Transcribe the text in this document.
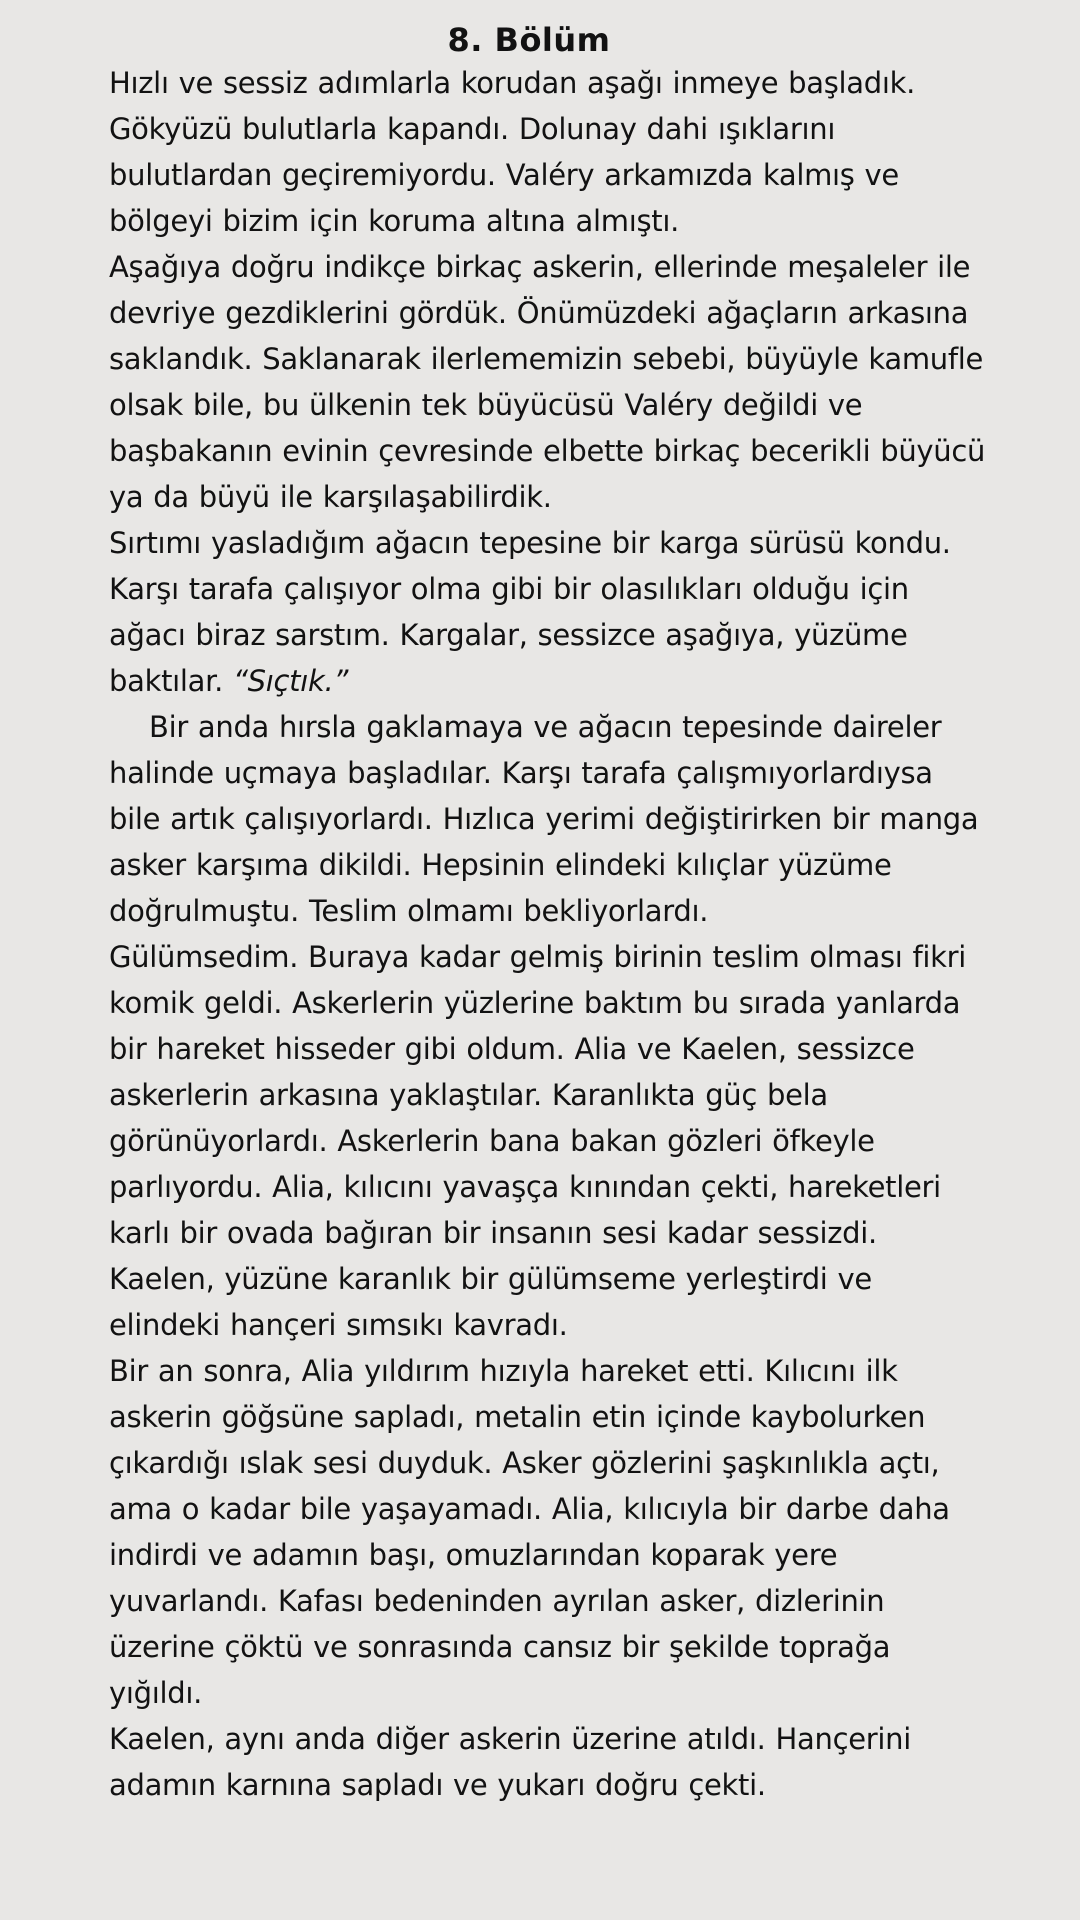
8. Bölüm

Hızlı ve sessiz adımlarla korudan aşağı inmeye başladık. Gökyüzü bulutlarla kapandı. Dolunay dahi ışıklarını bulutlardan geçiremiyordu. Valéry arkamızda kalmış ve bölgeyi bizim için koruma altına almıştı.

Aşağıya doğru indikçe birkaç askerin, ellerinde meşaleler ile devriye gezdiklerini gördük. Önümüzdeki ağaçların arkasına saklandık. Saklanarak ilerlememizin sebebi, büyüyle kamufle olsak bile, bu ülkenin tek büyücüsü Valéry değildi ve başbakanın evinin çevresinde elbette birkaç becerikli büyücü ya da büyü ile karşılaşabilirdik.

Sırtımı yasladığım ağacın tepesine bir karga sürüsü kondu. Karşı tarafa çalışıyor olma gibi bir olasılıkları olduğu için ağacı biraz sarstım. Kargalar, sessizce aşağıya, yüzüme baktılar. “Sıçtık.”

Bir anda hırsla gaklamaya ve ağacın tepesinde daireler halinde uçmaya başladılar. Karşı tarafa çalışmıyorlardıysa bile artık çalışıyorlardı. Hızlıca yerimi değiştirirken bir manga asker karşıma dikildi. Hepsinin elindeki kılıçlar yüzüme doğrulmuştu. Teslim olmamı bekliyorlardı.

Gülümsedim. Buraya kadar gelmiş birinin teslim olması fikri komik geldi. Askerlerin yüzlerine baktım bu sırada yanlarda bir hareket hisseder gibi oldum. Alia ve Kaelen, sessizce askerlerin arkasına yaklaştılar. Karanlıkta güç bela görünüyorlardı. Askerlerin bana bakan gözleri öfkeyle parlıyordu. Alia, kılıcını yavaşça kınından çekti, hareketleri karlı bir ovada bağıran bir insanın sesi kadar sessizdi. Kaelen, yüzüne karanlık bir gülümseme yerleştirdi ve elindeki hançeri sımsıkı kavradı.

Bir an sonra, Alia yıldırım hızıyla hareket etti. Kılıcını ilk askerin göğsüne sapladı, metalin etin içinde kaybolurken çıkardığı ıslak sesi duyduk. Asker gözlerini şaşkınlıkla açtı, ama o kadar bile yaşayamadı. Alia, kılıcıyla bir darbe daha indirdi ve adamın başı, omuzlarından koparak yere yuvarlandı. Kafası bedeninden ayrılan asker, dizlerinin üzerine çöktü ve sonrasında cansız bir şekilde toprağa yığıldı.

Kaelen, aynı anda diğer askerin üzerine atıldı. Hançerini adamın karnına sapladı ve yukarı doğru çekti.
